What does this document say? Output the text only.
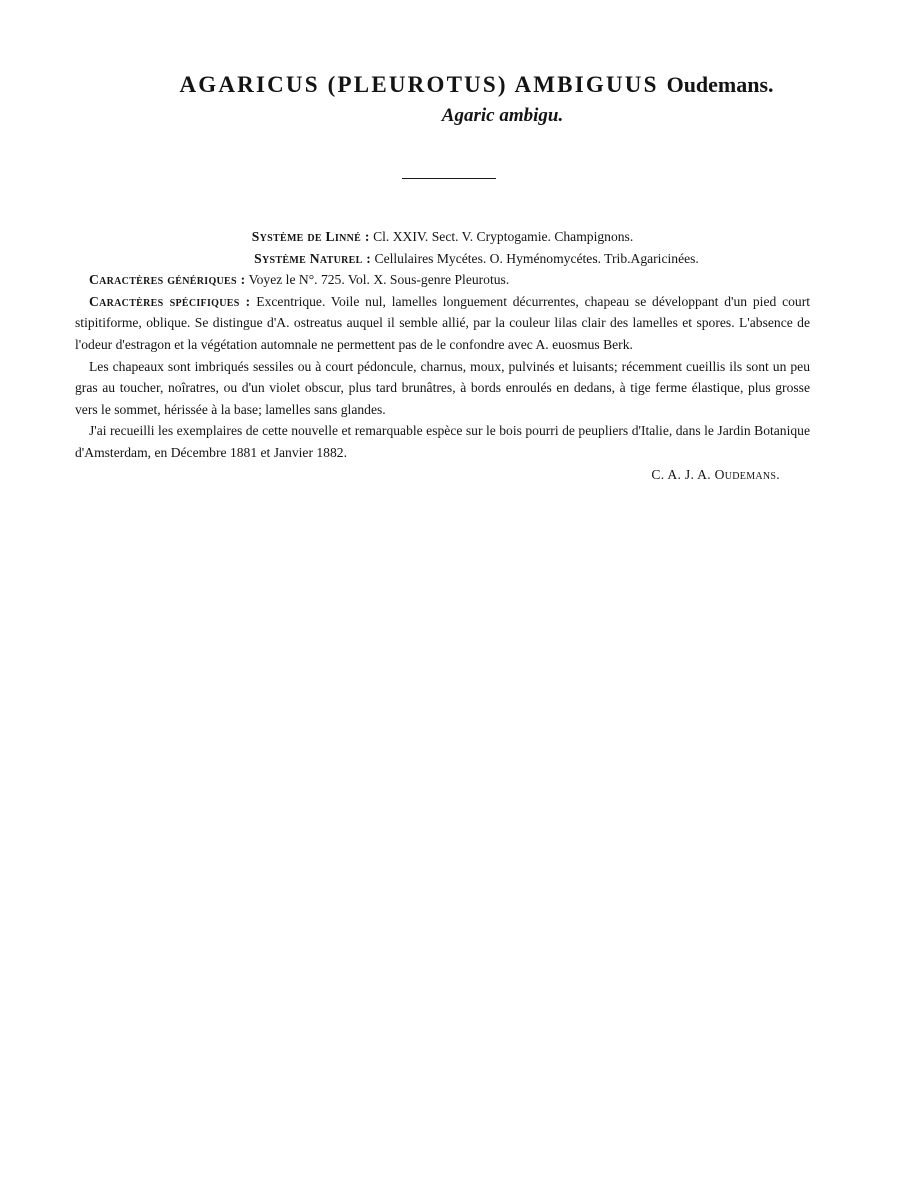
AGARICUS (PLEUROTUS) AMBIGUUS Oudemans.
Agaric ambigu.
Système de Linné : Cl. XXIV. Sect. V. Cryptogamie. Champignons.
Système Naturel : Cellulaires Mycétes. O. Hyménomycétes. Trib.Agaricinées.
Caractères génériques : Voyez le N°. 725. Vol. X. Sous-genre Pleurotus.

Caractères spécifiques : Excentrique. Voile nul, lamelles longuement décurrentes, chapeau se développant d'un pied court stipitiforme, oblique. Se distingue d'A. ostreatus auquel il semble allié, par la couleur lilas clair des lamelles et spores. L'absence de l'odeur d'estragon et la végétation automnale ne permettent pas de le confondre avec A. euosmus Berk.

Les chapeaux sont imbriqués sessiles ou à court pédoncule, charnus, moux, pulvinés et luisants; récemment cueillis ils sont un peu gras au toucher, noîratres, ou d'un violet obscur, plus tard brunâtres, à bords enroulés en dedans, à tige ferme élastique, plus grosse vers le sommet, hérissée à la base; lamelles sans glandes.

J'ai recueilli les exemplaires de cette nouvelle et remarquable espèce sur le bois pourri de peupliers d'Italie, dans le Jardin Botanique d'Amsterdam, en Décembre 1881 et Janvier 1882.

C. A. J. A. Oudemans.
